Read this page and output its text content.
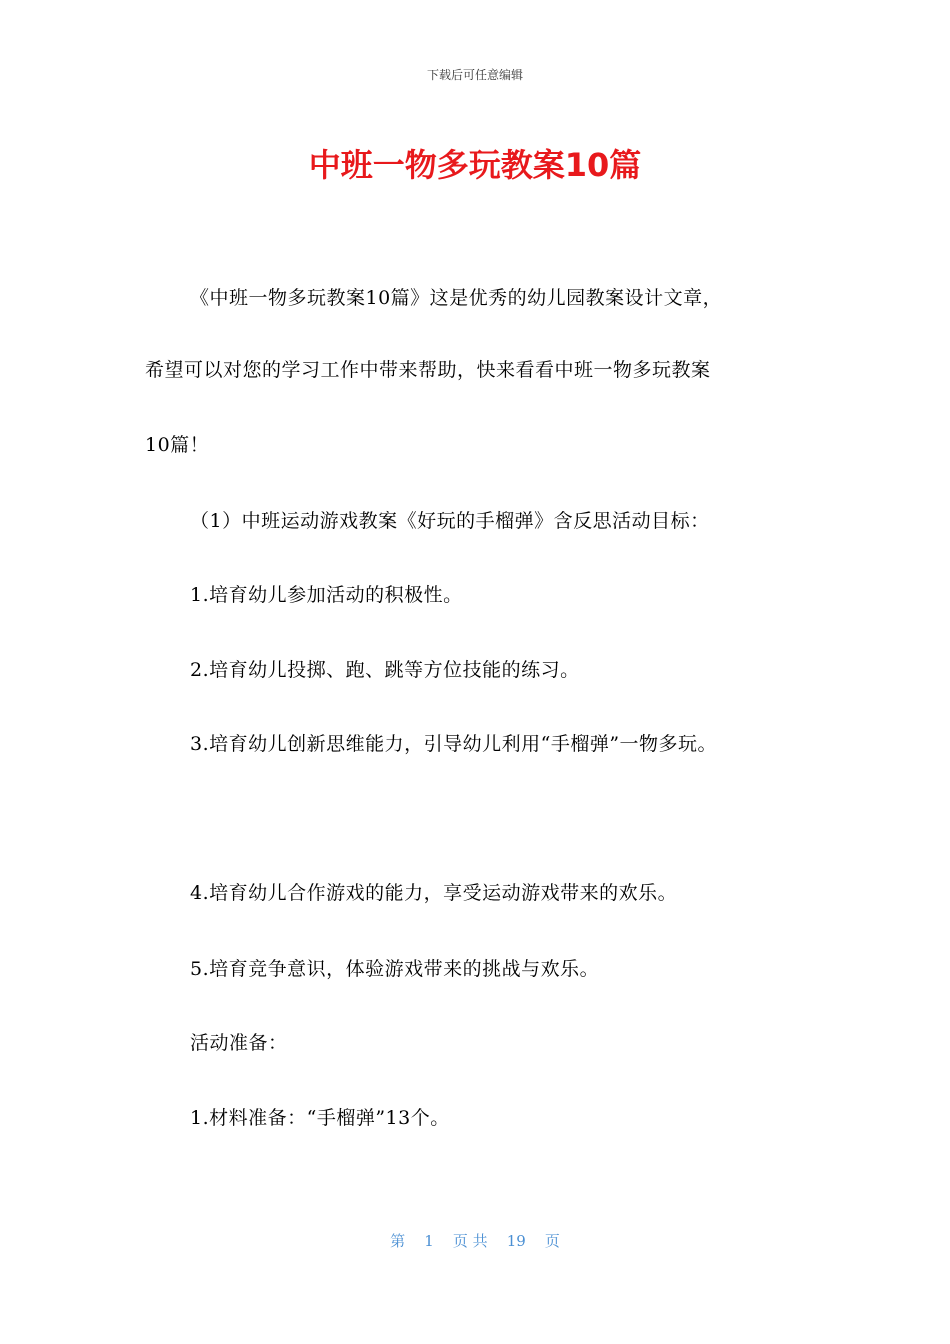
下载后可任意编辑
中班一物多玩教案10篇
《中班一物多玩教案10篇》这是优秀的幼儿园教案设计文章，
希望可以对您的学习工作中带来帮助，快来看看中班一物多玩教案
10篇！
（1）中班运动游戏教案《好玩的手榴弹》含反思活动目标：
1.培育幼儿参加活动的积极性。
2.培育幼儿投掷、跑、跳等方位技能的练习。
3.培育幼儿创新思维能力，引导幼儿利用“手榴弹”一物多玩。
4.培育幼儿合作游戏的能力，享受运动游戏带来的欢乐。
5.培育竞争意识，体验游戏带来的挑战与欢乐。
活动准备：
1.材料准备：“手榴弹”13个。
第 1 页 共 19 页
